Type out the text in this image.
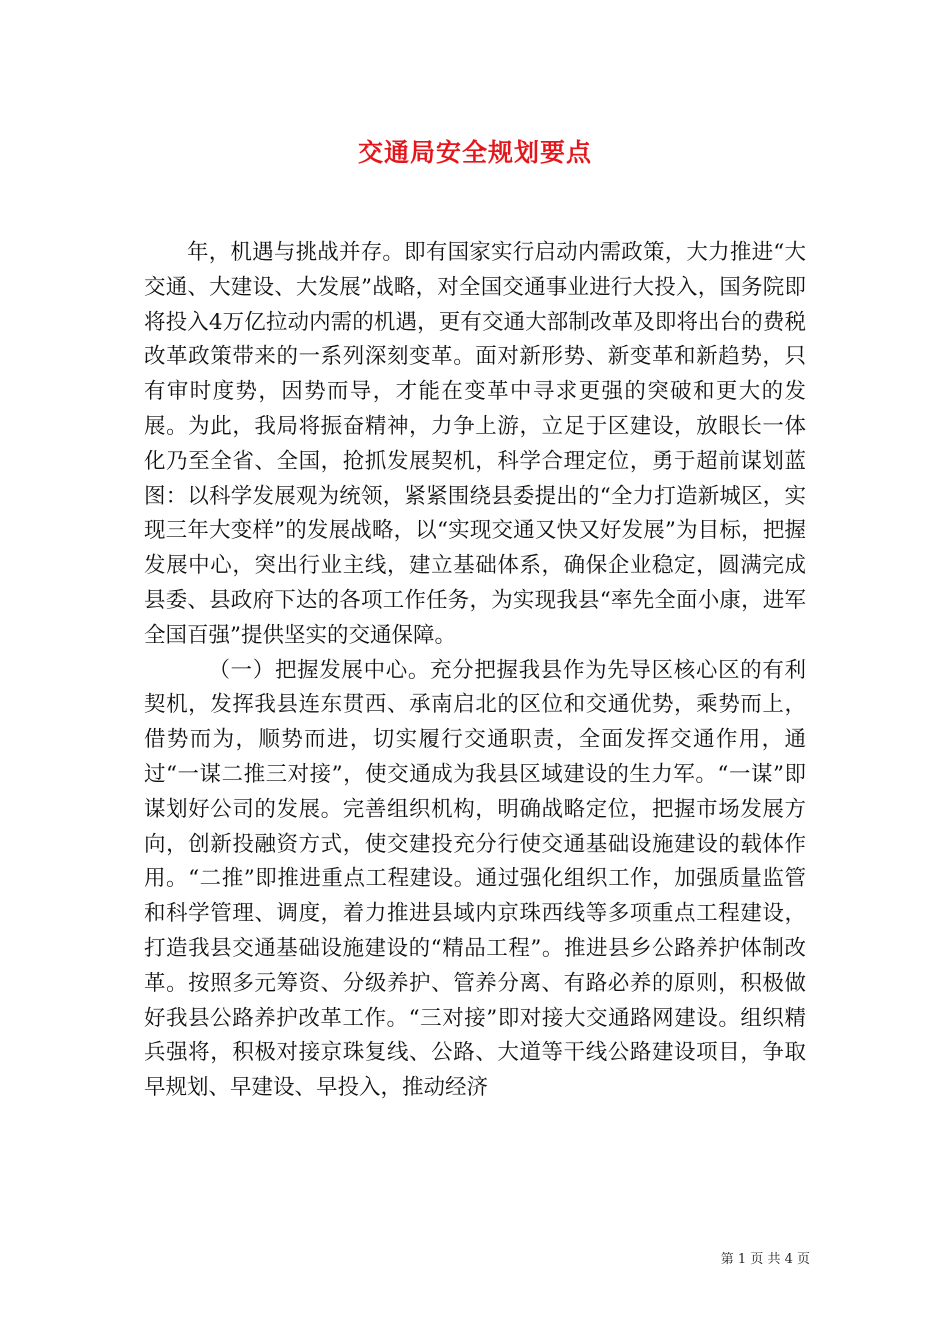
交通局安全规划要点

年，机遇与挑战并存。即有国家实行启动内需政策，大力推进“大交通、大建设、大发展”战略，对全国交通事业进行大投入，国务院即将投入4万亿拉动内需的机遇，更有交通大部制改革及即将出台的费税改革政策带来的一系列深刻变革。面对新形势、新变革和新趋势，只有审时度势，因势而导，才能在变革中寻求更强的突破和更大的发展。为此，我局将振奋精神，力争上游，立足于区建设，放眼长一体化乃至全省、全国，抢抓发展契机，科学合理定位，勇于超前谋划蓝图：以科学发展观为统领，紧紧围绕县委提出的“全力打造新城区，实现三年大变样”的发展战略，以“实现交通又快又好发展”为目标，把握发展中心，突出行业主线，建立基础体系，确保企业稳定，圆满完成县委、县政府下达的各项工作任务，为实现我县“率先全面小康，进军全国百强”提供坚实的交通保障。

（一）把握发展中心。充分把握我县作为先导区核心区的有利契机，发挥我县连东贯西、承南启北的区位和交通优势，乘势而上，借势而为，顺势而进，切实履行交通职责，全面发挥交通作用，通过“一谋二推三对接”，使交通成为我县区域建设的生力军。“一谋”即谋划好公司的发展。完善组织机构，明确战略定位，把握市场发展方向，创新投融资方式，使交建投充分行使交通基础设施建设的载体作用。“二推”即推进重点工程建设。通过强化组织工作，加强质量监管和科学管理、调度，着力推进县域内京珠西线等多项重点工程建设，打造我县交通基础设施建设的“精品工程”。推进县乡公路养护体制改革。按照多元筹资、分级养护、管养分离、有路必养的原则，积极做好我县公路养护改革工作。“三对接”即对接大交通路网建设。组织精兵强将，积极对接京珠复线、公路、大道等干线公路建设项目，争取早规划、早建设、早投入，推动经济

第 1 页 共 4 页
